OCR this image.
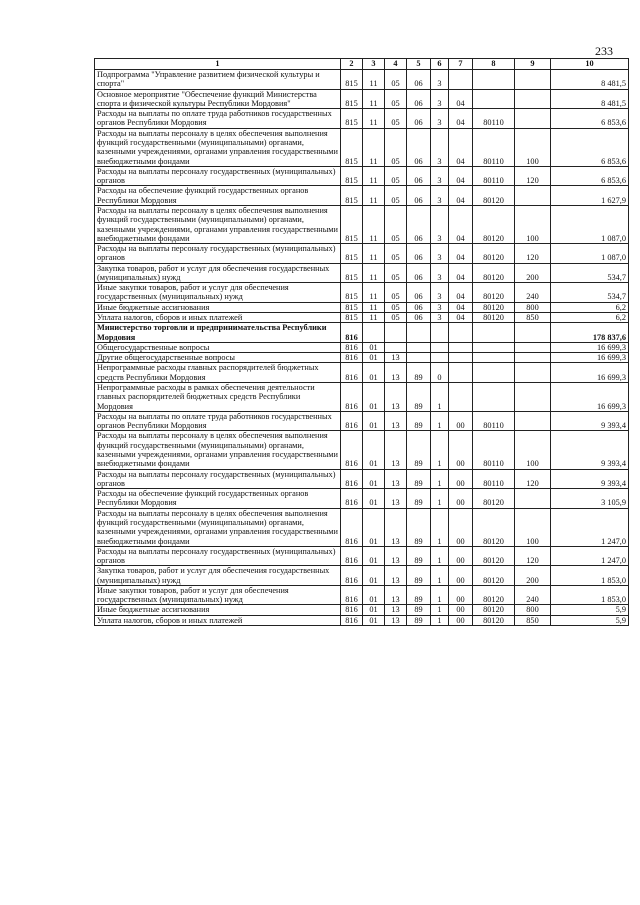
233
1	2	3	4	5	6	7	8	9	10
Подпрограмма "Управление развитием физической культуры и спорта"	815	11	05	06	3				8 481,5
Основное мероприятие "Обеспечение функций Министерства спорта и физической культуры Республики Мордовия"	815	11	05	06	3	04			8 481,5
Расходы на выплаты по оплате труда работников государственных органов Республики Мордовия	815	11	05	06	3	04	80110		6 853,6
Расходы на выплаты персоналу в целях обеспечения выполнения функций государственными (муниципальными) органами, казенными учреждениями, органами управления государственными внебюджетными фондами	815	11	05	06	3	04	80110	100	6 853,6
Расходы на выплаты персоналу государственных (муниципальных) органов	815	11	05	06	3	04	80110	120	6 853,6
Расходы на обеспечение функций государственных органов Республики Мордовия	815	11	05	06	3	04	80120		1 627,9
Расходы на выплаты персоналу в целях обеспечения выполнения функций государственными (муниципальными) органами, казенными учреждениями, органами управления государственными внебюджетными фондами	815	11	05	06	3	04	80120	100	1 087,0
Расходы на выплаты персоналу государственных (муниципальных) органов	815	11	05	06	3	04	80120	120	1 087,0
Закупка товаров, работ и услуг для обеспечения государственных (муниципальных) нужд	815	11	05	06	3	04	80120	200	534,7
Иные закупки товаров, работ и услуг для обеспечения государственных (муниципальных) нужд	815	11	05	06	3	04	80120	240	534,7
Иные бюджетные ассигнования	815	11	05	06	3	04	80120	800	6,2
Уплата налогов, сборов и иных платежей	815	11	05	06	3	04	80120	850	6,2
Министерство торговли и предпринимательства Республики Мордовия	816								178 837,6
Общегосударственные вопросы	816	01							16 699,3
Другие общегосударственные вопросы	816	01	13						16 699,3
Непрограммные расходы главных распорядителей бюджетных средств Республики Мордовия	816	01	13	89	0				16 699,3
Непрограммные расходы в рамках обеспечения деятельности главных распорядителей бюджетных средств Республики Мордовия	816	01	13	89	1				16 699,3
Расходы на выплаты по оплате труда работников государственных органов Республики Мордовия	816	01	13	89	1	00	80110		9 393,4
Расходы на выплаты персоналу в целях обеспечения выполнения функций государственными (муниципальными) органами, казенными учреждениями, органами управления государственными внебюджетными фондами	816	01	13	89	1	00	80110	100	9 393,4
Расходы на выплаты персоналу государственных (муниципальных) органов	816	01	13	89	1	00	80110	120	9 393,4
Расходы на обеспечение функций государственных органов Республики Мордовия	816	01	13	89	1	00	80120		3 105,9
Расходы на выплаты персоналу в целях обеспечения выполнения функций государственными (муниципальными) органами, казенными учреждениями, органами управления государственными внебюджетными фондами	816	01	13	89	1	00	80120	100	1 247,0
Расходы на выплаты персоналу государственных (муниципальных) органов	816	01	13	89	1	00	80120	120	1 247,0
Закупка товаров, работ и услуг для обеспечения государственных (муниципальных) нужд	816	01	13	89	1	00	80120	200	1 853,0
Иные закупки товаров, работ и услуг для обеспечения государственных (муниципальных) нужд	816	01	13	89	1	00	80120	240	1 853,0
Иные бюджетные ассигнования	816	01	13	89	1	00	80120	800	5,9
Уплата налогов, сборов и иных платежей	816	01	13	89	1	00	80120	850	5,9
